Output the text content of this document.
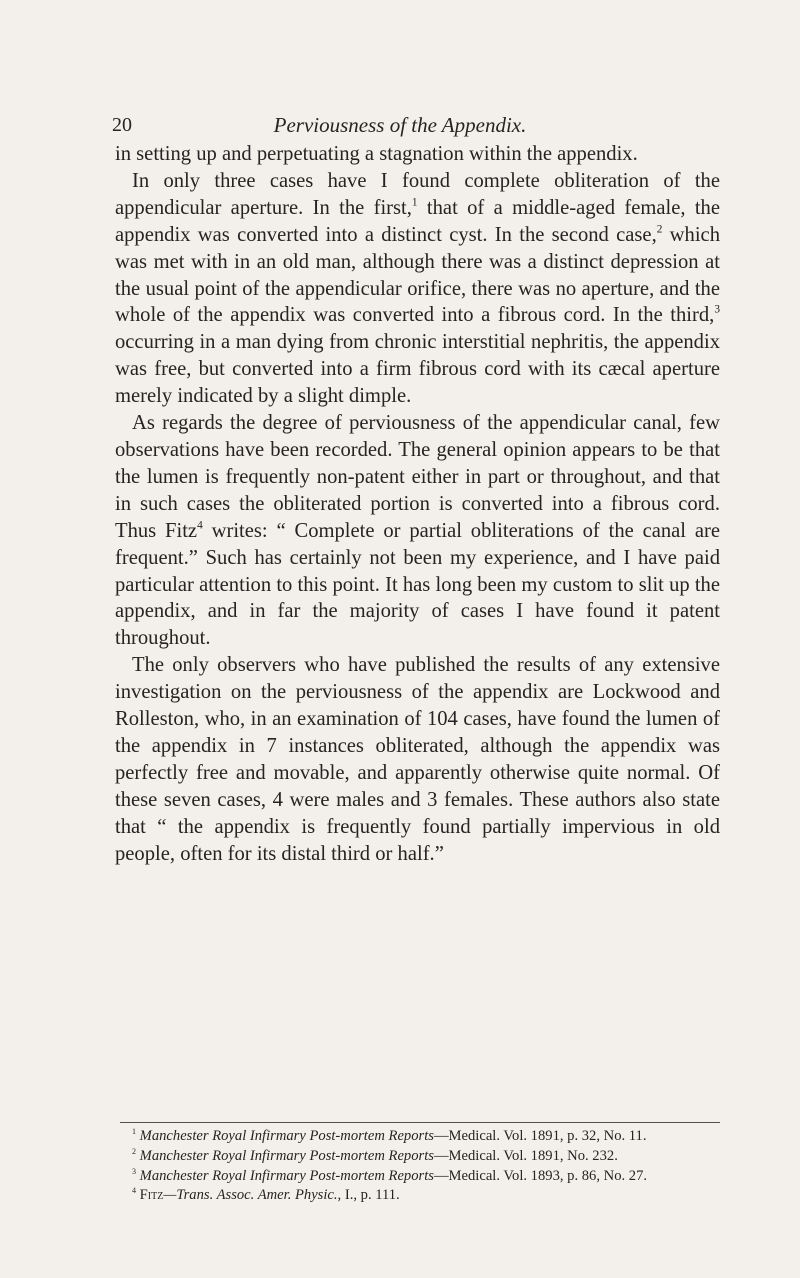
20	Perviousness of the Appendix.

in setting up and perpetuating a stagnation within the appendix.

In only three cases have I found complete obliteration of the appendicular aperture. In the first,$^1$ that of a middle-aged female, the appendix was converted into a distinct cyst. In the second case,$^2$ which was met with in an old man, although there was a distinct depression at the usual point of the appendicular orifice, there was no aperture, and the whole of the appendix was converted into a fibrous cord. In the third,$^3$ occurring in a man dying from chronic interstitial nephritis, the appendix was free, but converted into a firm fibrous cord with its cæcal aperture merely indicated by a slight dimple.

As regards the degree of perviousness of the appendicular canal, few observations have been recorded. The general opinion appears to be that the lumen is frequently non-patent either in part or throughout, and that in such cases the obliterated portion is converted into a fibrous cord. Thus Fitz$^4$ writes: “ Complete or partial obliterations of the canal are frequent.” Such has certainly not been my experience, and I have paid particular attention to this point. It has long been my custom to slit up the appendix, and in far the majority of cases I have found it patent throughout.

The only observers who have published the results of any extensive investigation on the perviousness of the appendix are Lockwood and Rolleston, who, in an examination of 104 cases, have found the lumen of the appendix in 7 instances obliterated, although the appendix was perfectly free and movable, and apparently otherwise quite normal. Of these seven cases, 4 were males and 3 females. These authors also state that “ the appendix is frequently found partially impervious in old people, often for its distal third or half.”

$^1$ Manchester Royal Infirmary Post-mortem Reports—Medical. Vol. 1891, p. 32, No. 11.

$^2$ Manchester Royal Infirmary Post-mortem Reports—Medical. Vol. 1891, No. 232.

$^3$ Manchester Royal Infirmary Post-mortem Reports—Medical. Vol. 1893, p. 86, No. 27.

$^4$ Fitz—Trans. Assoc. Amer. Physic., I., p. 111.
